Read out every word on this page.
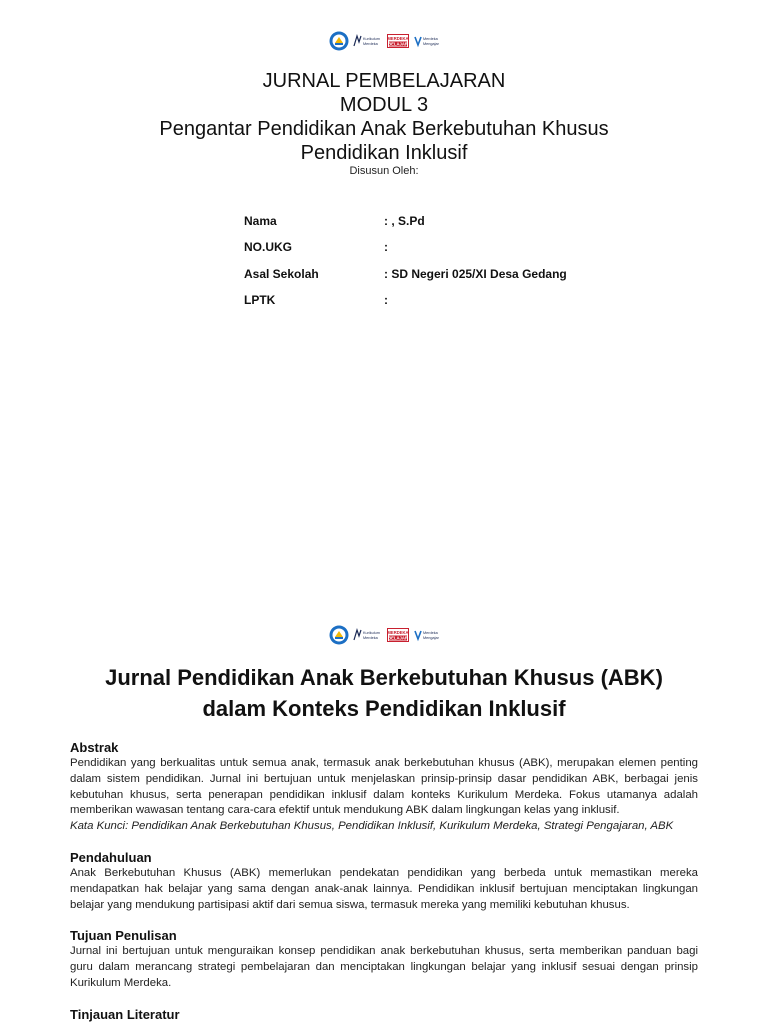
Kurikulum
Merdeka
MERDEKA
BELAJAR
Merdeka
Mengajar
JURNAL PEMBELAJARAN
MODUL 3
Pengantar Pendidikan Anak Berkebutuhan Khusus
Pendidikan Inklusif
Disusun Oleh:
Nama	: , S.Pd
NO.UKG	:
Asal Sekolah	: SD Negeri 025/XI Desa Gedang
LPTK	:
Kurikulum
Merdeka
MERDEKA
BELAJAR
Merdeka
Mengajar
Jurnal Pendidikan Anak Berkebutuhan Khusus (ABK)
dalam Konteks Pendidikan Inklusif

Abstrak

Pendidikan yang berkualitas untuk semua anak, termasuk anak berkebutuhan khusus (ABK), merupakan elemen penting dalam sistem pendidikan. Jurnal ini bertujuan untuk menjelaskan prinsip-prinsip dasar pendidikan ABK, berbagai jenis kebutuhan khusus, serta penerapan pendidikan inklusif dalam konteks Kurikulum Merdeka. Fokus utamanya adalah memberikan wawasan tentang cara-cara efektif untuk mendukung ABK dalam lingkungan kelas yang inklusif.

Kata Kunci: Pendidikan Anak Berkebutuhan Khusus, Pendidikan Inklusif, Kurikulum Merdeka, Strategi Pengajaran, ABK

Pendahuluan

Anak Berkebutuhan Khusus (ABK) memerlukan pendekatan pendidikan yang berbeda untuk memastikan mereka mendapatkan hak belajar yang sama dengan anak-anak lainnya. Pendidikan inklusif bertujuan menciptakan lingkungan belajar yang mendukung partisipasi aktif dari semua siswa, termasuk mereka yang memiliki kebutuhan khusus.

Tujuan Penulisan

Jurnal ini bertujuan untuk menguraikan konsep pendidikan anak berkebutuhan khusus, serta memberikan panduan bagi guru dalam merancang strategi pembelajaran dan menciptakan lingkungan belajar yang inklusif sesuai dengan prinsip Kurikulum Merdeka.

Tinjauan Literatur
